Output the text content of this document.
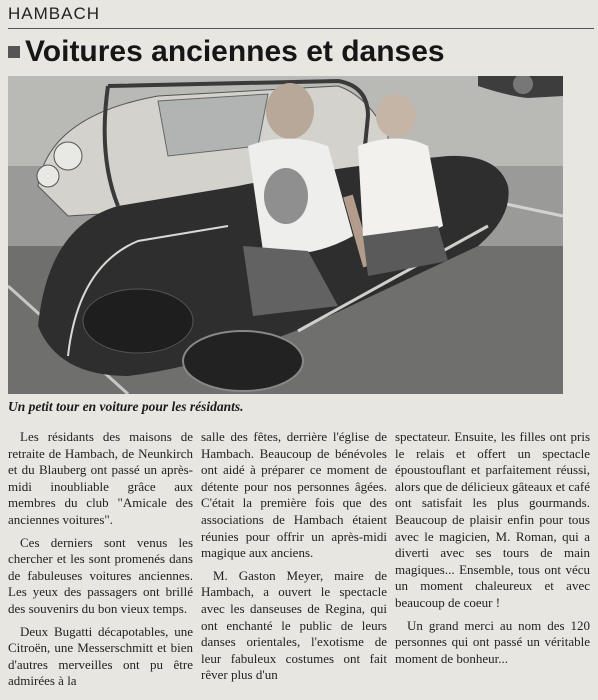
HAMBACH
Voitures anciennes et danses
Un petit tour en voiture pour les résidants.

Les résidants des maisons de retraite de Hambach, de Neunkirch et du Blauberg ont passé un après-midi inoubliable grâce aux membres du club "Amicale des anciennes voitures".

Ces derniers sont venus les chercher et les sont promenés dans de fabuleuses voitures anciennes. Les yeux des passagers ont brillé des souvenirs du bon vieux temps.

Deux Bugatti décapotables, une Citroën, une Messerschmitt et bien d'autres merveilles ont pu être admirées à la

salle des fêtes, derrière l'église de Hambach. Beaucoup de bénévoles ont aidé à préparer ce moment de détente pour nos personnes âgées. C'était la première fois que des associations de Hambach étaient réunies pour offrir un après-midi magique aux anciens.

M. Gaston Meyer, maire de Hambach, a ouvert le spectacle avec les danseuses de Regina, qui ont enchanté le public de leurs danses orientales, l'exotisme de leur fabuleux costumes ont fait rêver plus d'un

spectateur. Ensuite, les filles ont pris le relais et offert un spectacle époustouflant et parfaitement réussi, alors que de délicieux gâteaux et café ont satisfait les plus gourmands. Beaucoup de plaisir enfin pour tous avec le magicien, M. Roman, qui a diverti avec ses tours de main magiques... Ensemble, tous ont vécu un moment chaleureux et avec beaucoup de coeur !

Un grand merci au nom des 120 personnes qui ont passé un véritable moment de bonheur...
